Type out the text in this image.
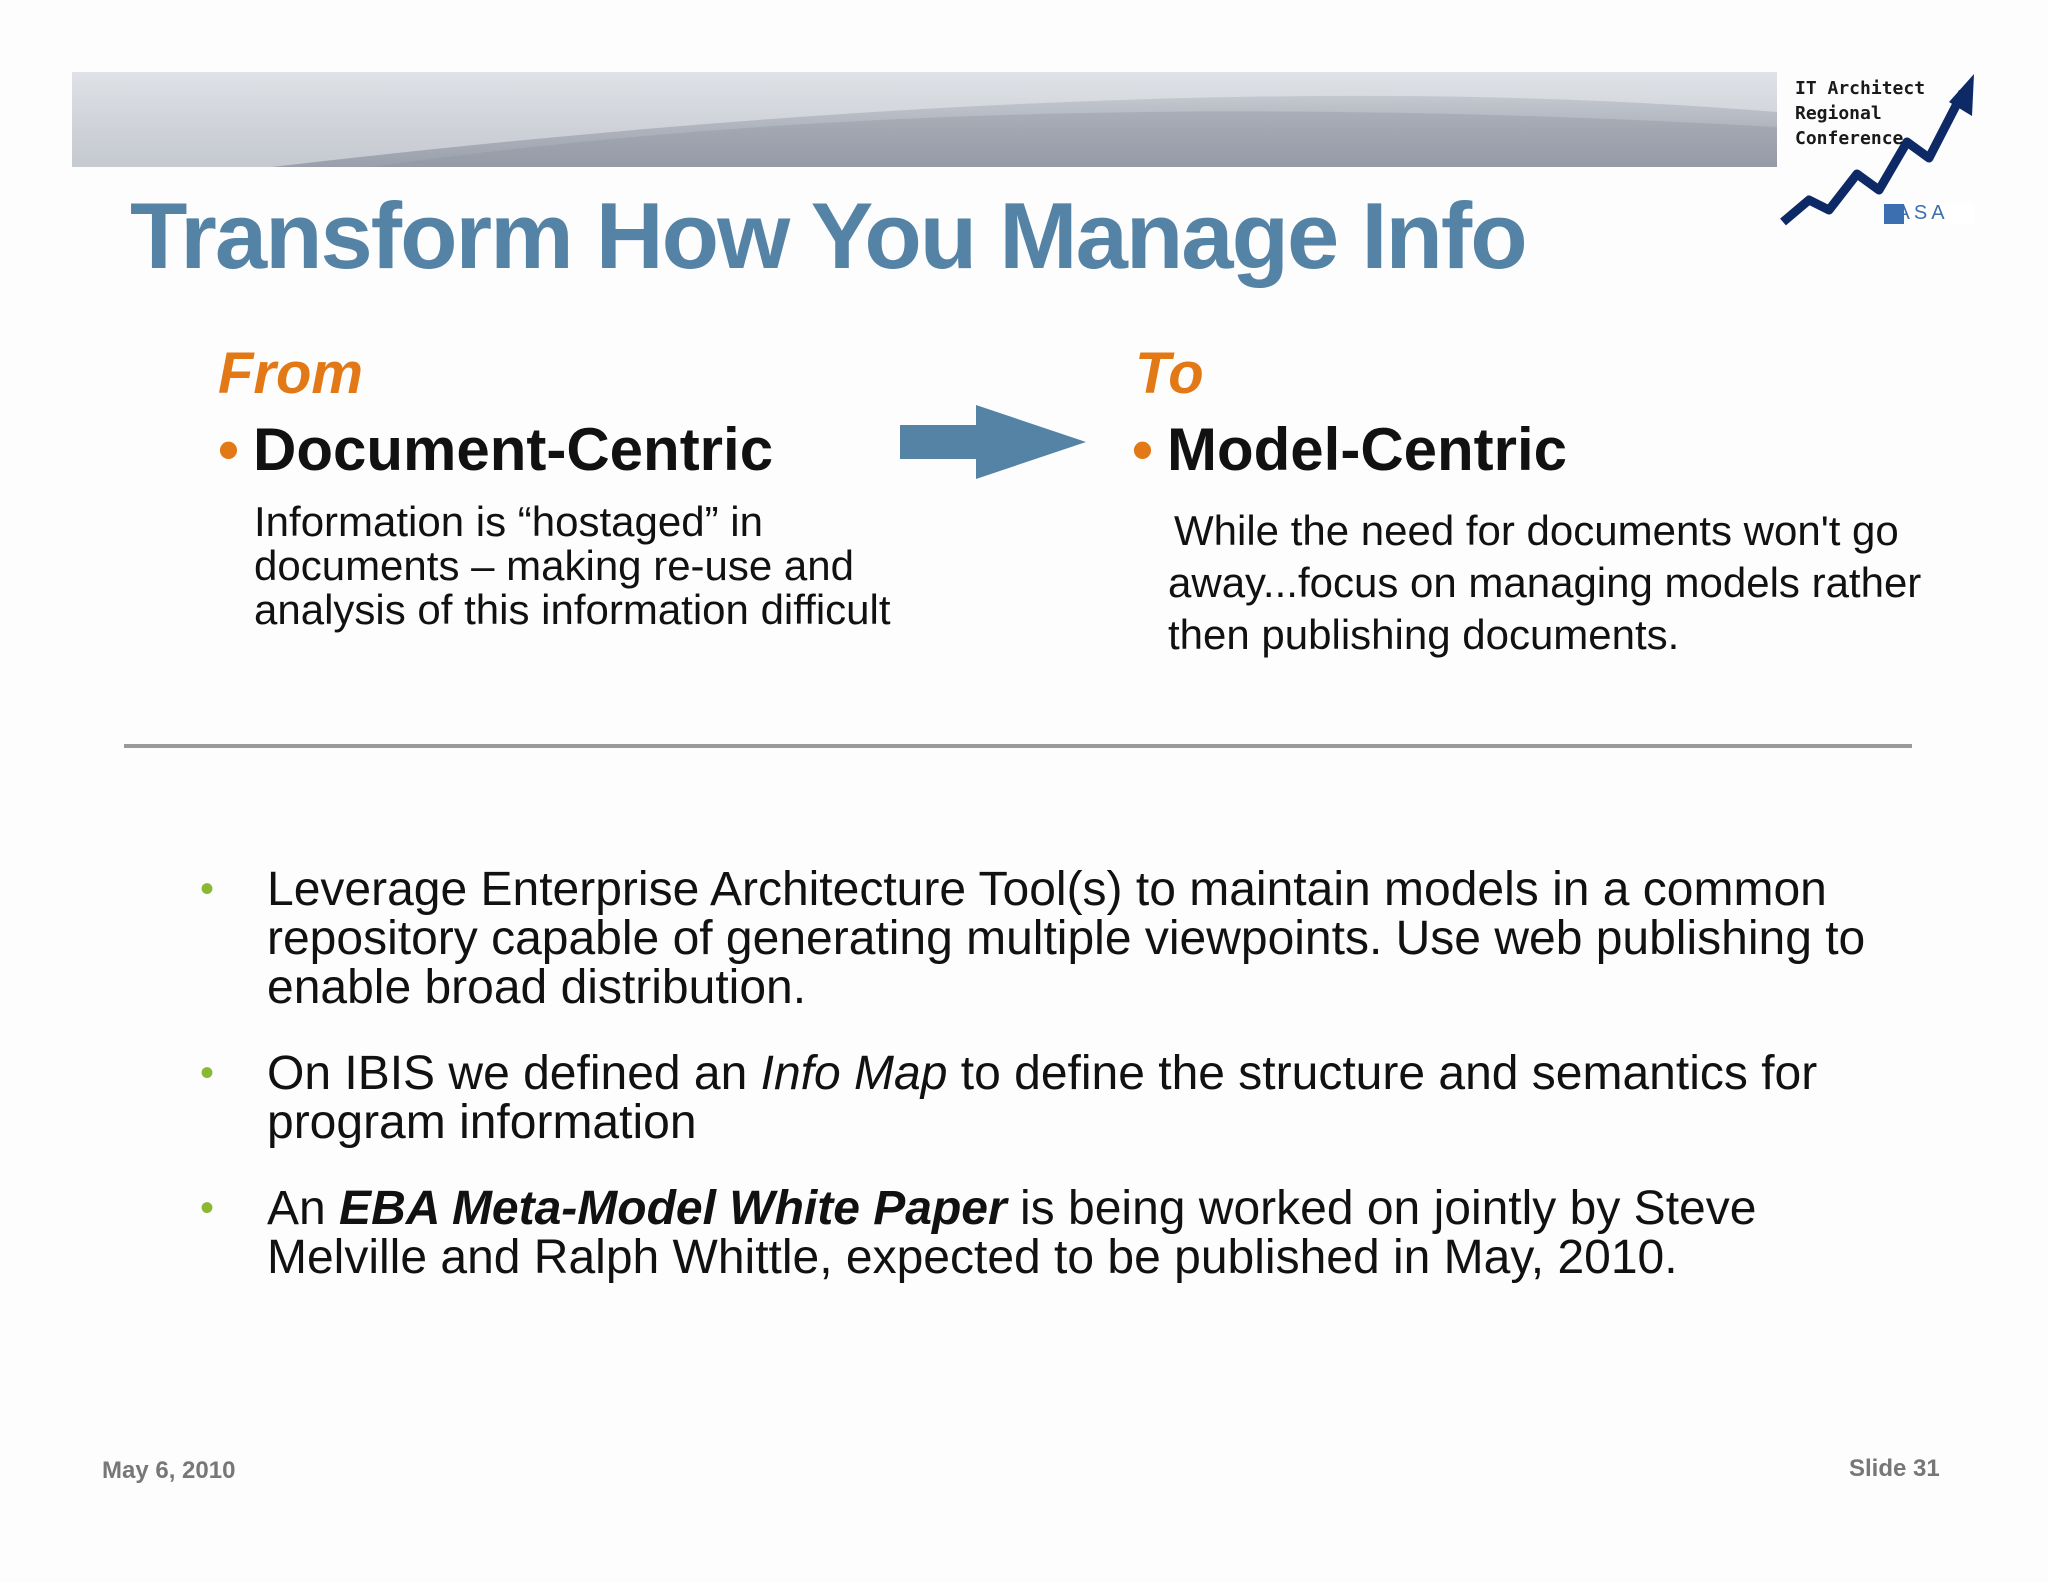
IT Architect
Regional
Conference
IASA
Transform How You Manage Info
From
• Document-Centric
Information is “hostaged” in documents – making re-use and analysis of this information difficult
To
• Model-Centric
While the need for documents won't go away...focus on managing models rather then publishing documents.
• Leverage Enterprise Architecture Tool(s) to maintain models in a common repository capable of generating multiple viewpoints. Use web publishing to enable broad distribution.
• On IBIS we defined an Info Map to define the structure and semantics for program information
• An EBA Meta-Model White Paper is being worked on jointly by Steve Melville and Ralph Whittle, expected to be published in May, 2010.
May 6, 2010	Slide 31
